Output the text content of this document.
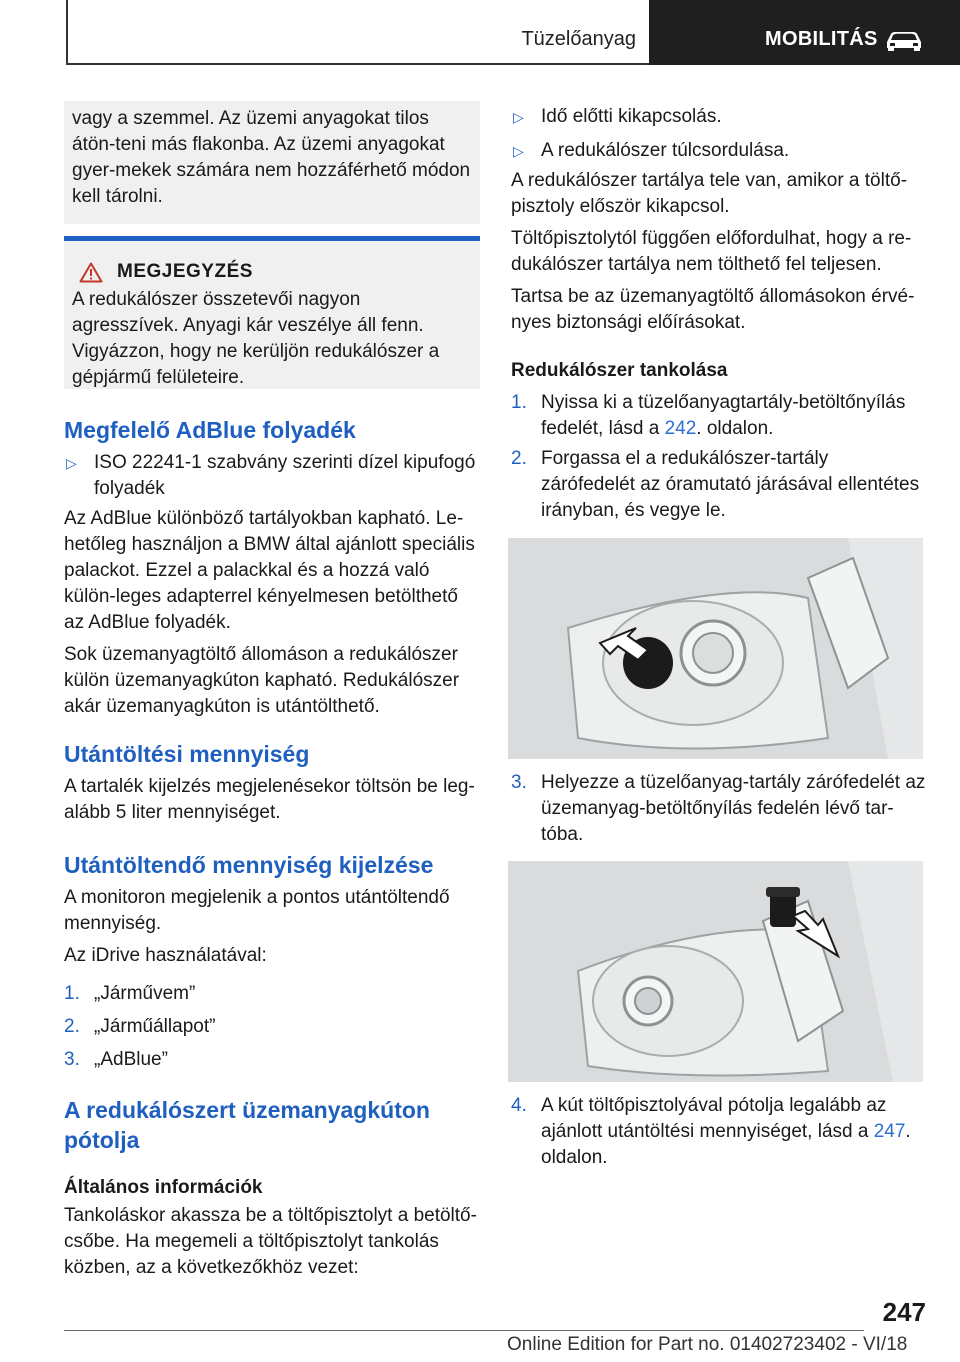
Tüzelőanyag	MOBILITÁS

vagy a szemmel. Az üzemi anyagokat tilos átön-teni más flakonba. Az üzemi anyagokat gyer-mekek számára nem hozzáférhető módon kell tárolni.

MEGJEGYZÉS

A redukálószer összetevői nagyon agresszívek. Anyagi kár veszélye áll fenn. Vigyázzon, hogy ne kerüljön redukálószer a gépjármű felületeire.

Megfelelő AdBlue folyadék
▷ ISO 22241-1 szabvány szerinti dízel kipufogó folyadék

Az AdBlue különböző tartályokban kapható. Le-hetőleg használjon a BMW által ajánlott speciális palackot. Ezzel a palackkal és a hozzá való külön-leges adapterrel kényelmesen betölthető az AdBlue folyadék.

Sok üzemanyagtöltő állomáson a redukálószer külön üzemanyagkúton kapható. Redukálószer akár üzemanyagkúton is utántölthető.

Utántöltési mennyiség

A tartalék kijelzés megjelenésekor töltsön be leg-alább 5 liter mennyiséget.

Utántöltendő mennyiség kijelzése

A monitoron megjelenik a pontos utántöltendő mennyiség.

Az iDrive használatával:

1. „Járművem”
2. „Járműállapot”
3. „AdBlue”
A redukálószert üzemanyagkúton pótolja
Általános információk

Tankoláskor akassza be a töltőpisztolyt a betöltő-csőbe. Ha megemeli a töltőpisztolyt tankolás közben, az a következőkhöz vezet:

▷ Idő előtti kikapcsolás.
▷ A redukálószer túlcsordulása.

A redukálószer tartálya tele van, amikor a töltő-pisztoly először kikapcsol.

Töltőpisztolytól függően előfordulhat, hogy a re-dukálószer tartálya nem tölthető fel teljesen.

Tartsa be az üzemanyagtöltő állomásokon érvé-nyes biztonsági előírásokat.

Redukálószer tankolása
1. Nyissa ki a tüzelőanyagtartály-betöltőnyílás fedelét, lásd a 242. oldalon.
2. Forgassa el a redukálószer-tartály zárófedelét az óramutató járásával ellentétes irányban, és vegye le.
3. Helyezze a tüzelőanyag-tartály zárófedelét az üzemanyag-betöltőnyílás fedelén lévő tar-tóba.
4. A kút töltőpisztolyával pótolja legalább az ajánlott utántöltési mennyiséget, lásd a 247. oldalon.
247
Online Edition for Part no. 01402723402 - VI/18
